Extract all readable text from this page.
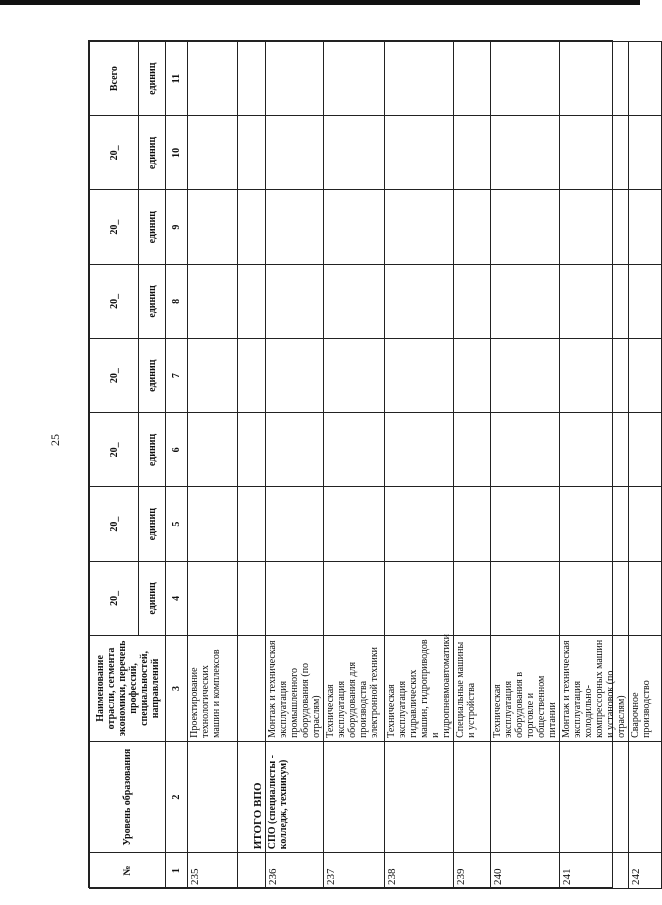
25
№	Уровень образования	Наименование отрасли, сегмента экономики, перечень профессий, специальностей, направлений	20_	20_	20_	20_	20_	20_	20_	Всего
			единиц	единиц	единиц	единиц	единиц	единиц	единиц	единиц
1	2	3	4	5	6	7	8	9	10	11
235		Проектирование технологических машин и комплексов								
	ИТОГО ВПО									
236	СПО (специалисты - колледж, техникум)	Монтаж и техническая эксплуатация промышленного оборудования (по отраслям)								
237		Техническая эксплуатация оборудования для производства электронной техники								
238		Техническая эксплуатация гидравлических машин, гидроприводов и гидропневмоавтоматики								
239		Специальные машины и устройства								
240		Техническая эксплуатация оборудования в торговле и общественном питании								
241		Монтаж и техническая эксплуатация холодильно-компрессорных машин и установок (по отраслям)								
242		Сварочное производство								
